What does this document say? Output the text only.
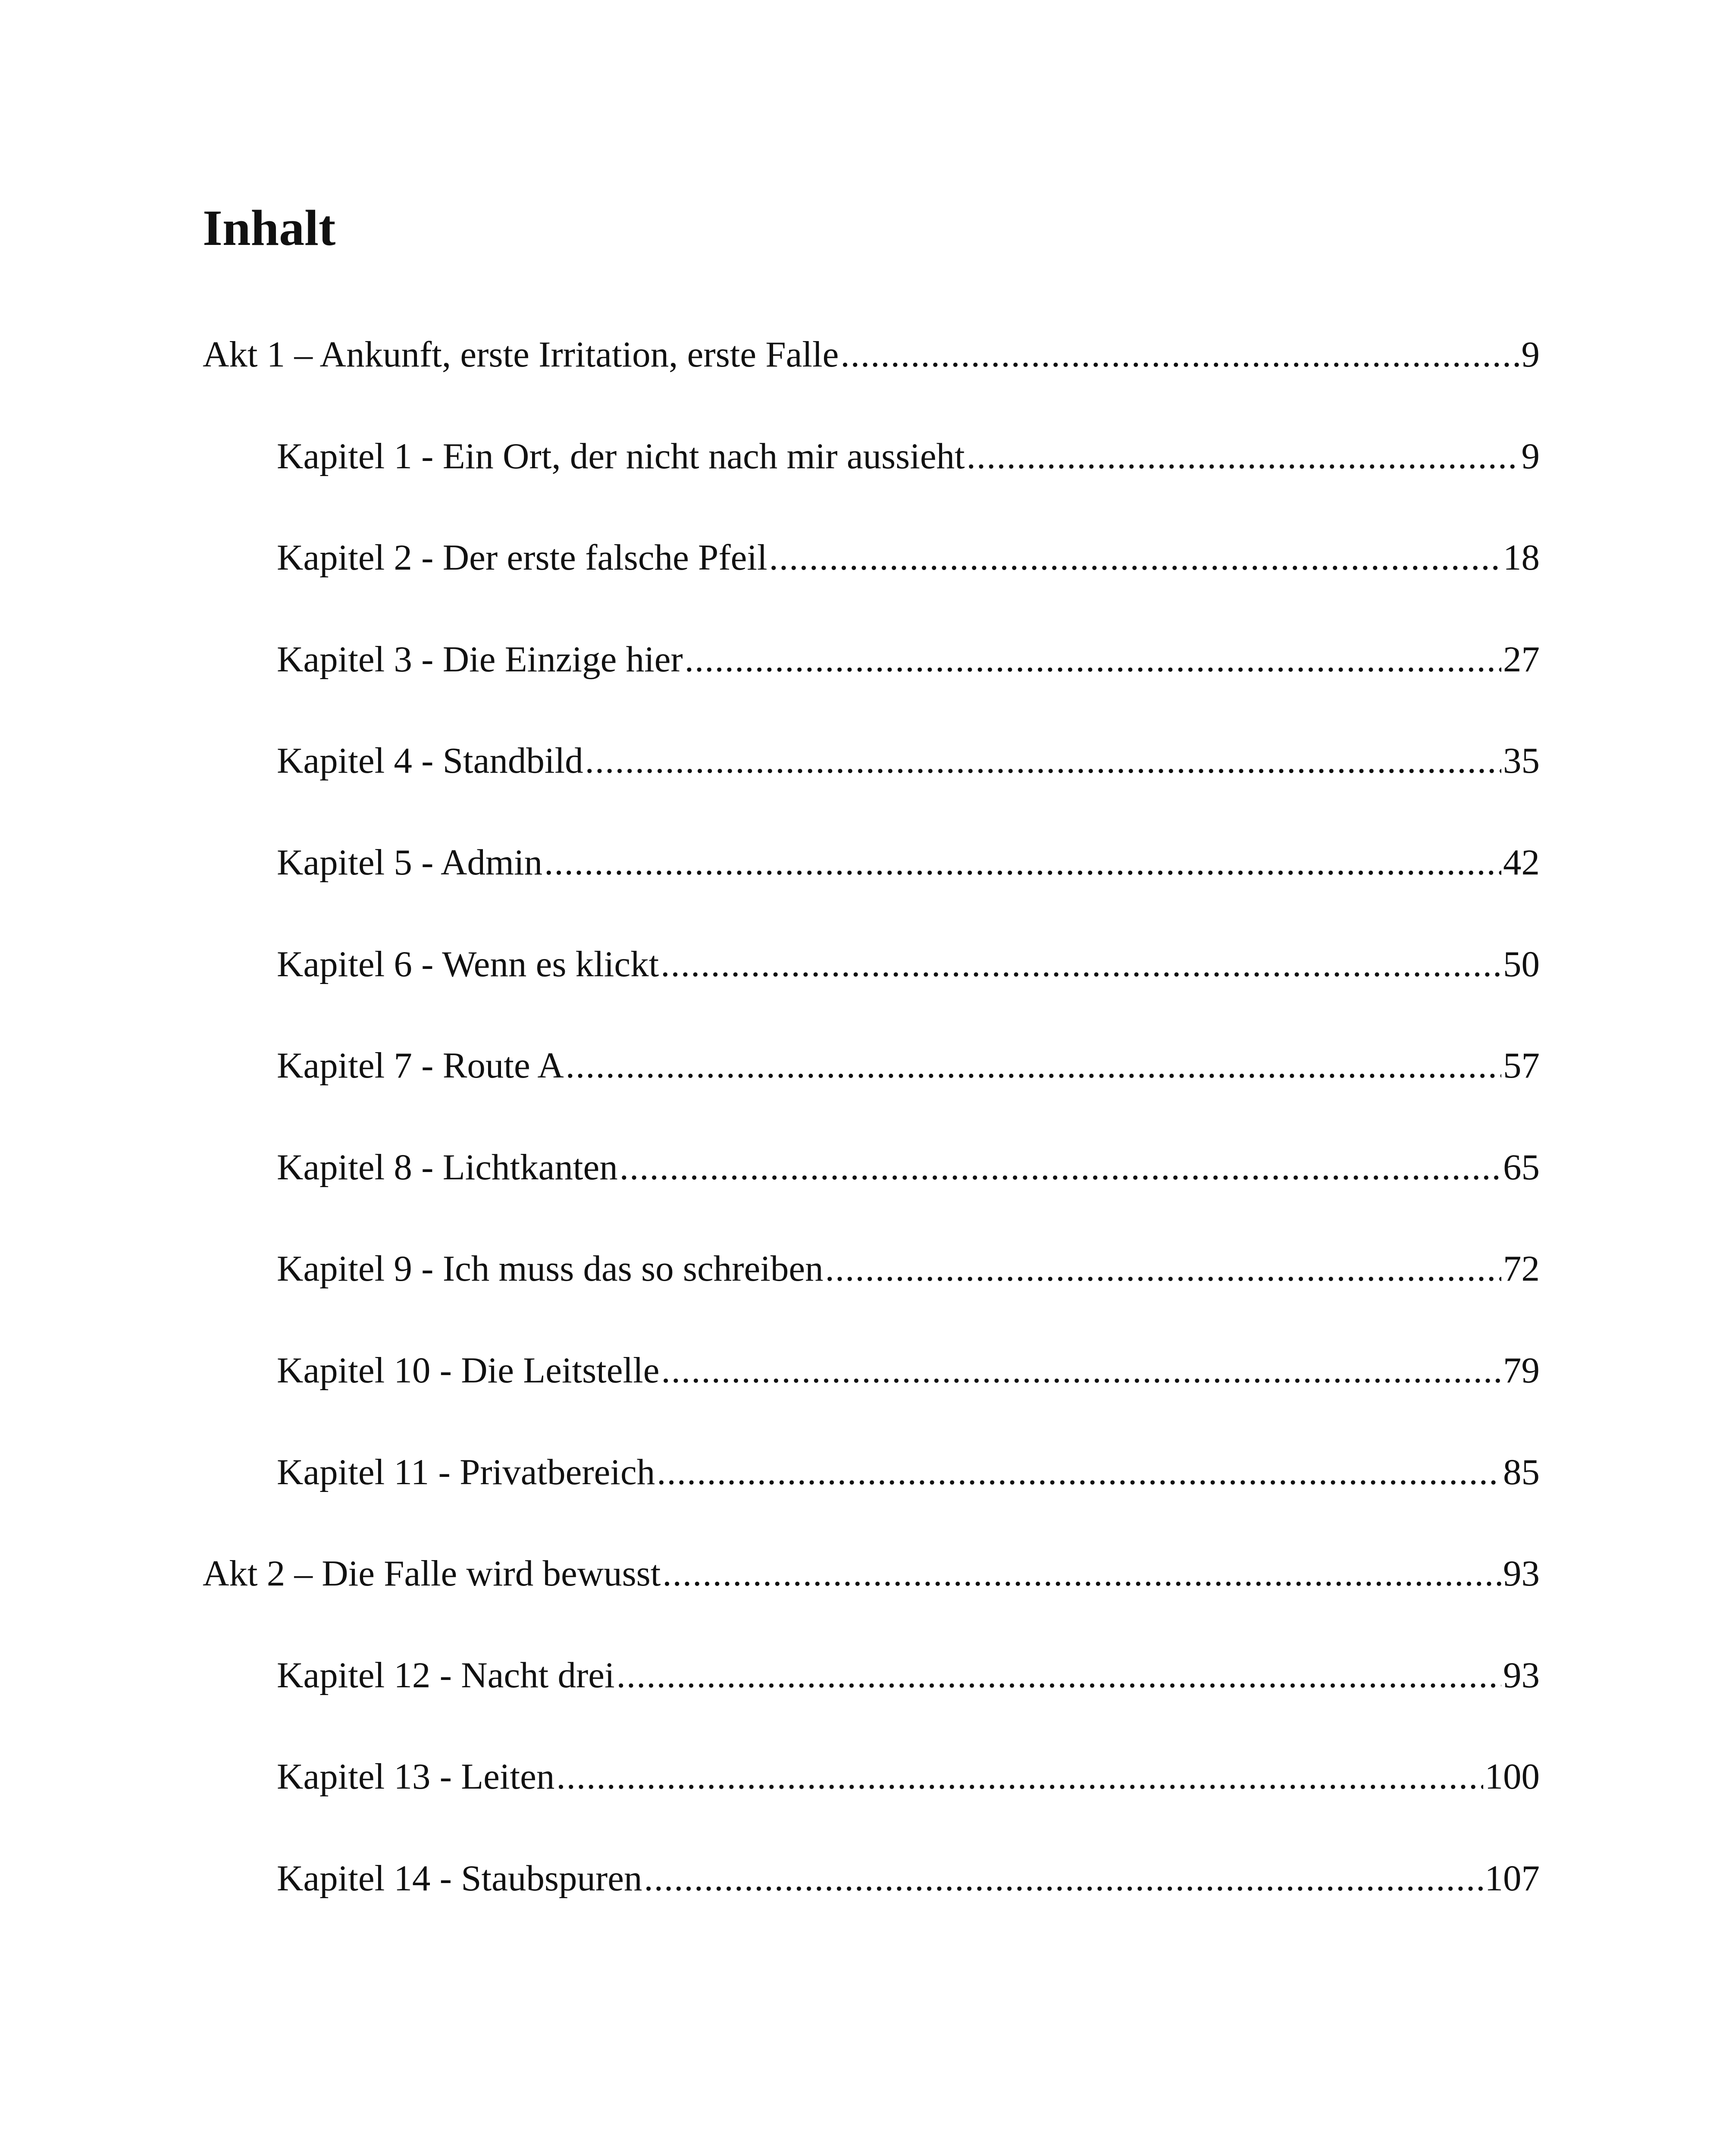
Inhalt
Akt 1 – Ankunft, erste Irritation, erste Falle .....	9
Kapitel 1 - Ein Ort, der nicht nach mir aussieht .....	9
Kapitel 2 - Der erste falsche Pfeil .....	18
Kapitel 3 - Die Einzige hier .....	27
Kapitel 4 - Standbild .....	35
Kapitel 5 - Admin .....	42
Kapitel 6 - Wenn es klickt .....	50
Kapitel 7 - Route A .....	57
Kapitel 8 - Lichtkanten .....	65
Kapitel 9 - Ich muss das so schreiben .....	72
Kapitel 10 - Die Leitstelle .....	79
Kapitel 11 - Privatbereich .....	85
Akt 2 – Die Falle wird bewusst .....	93
Kapitel 12 - Nacht drei .....	93
Kapitel 13 - Leiten .....	100
Kapitel 14 - Staubspuren .....	107
